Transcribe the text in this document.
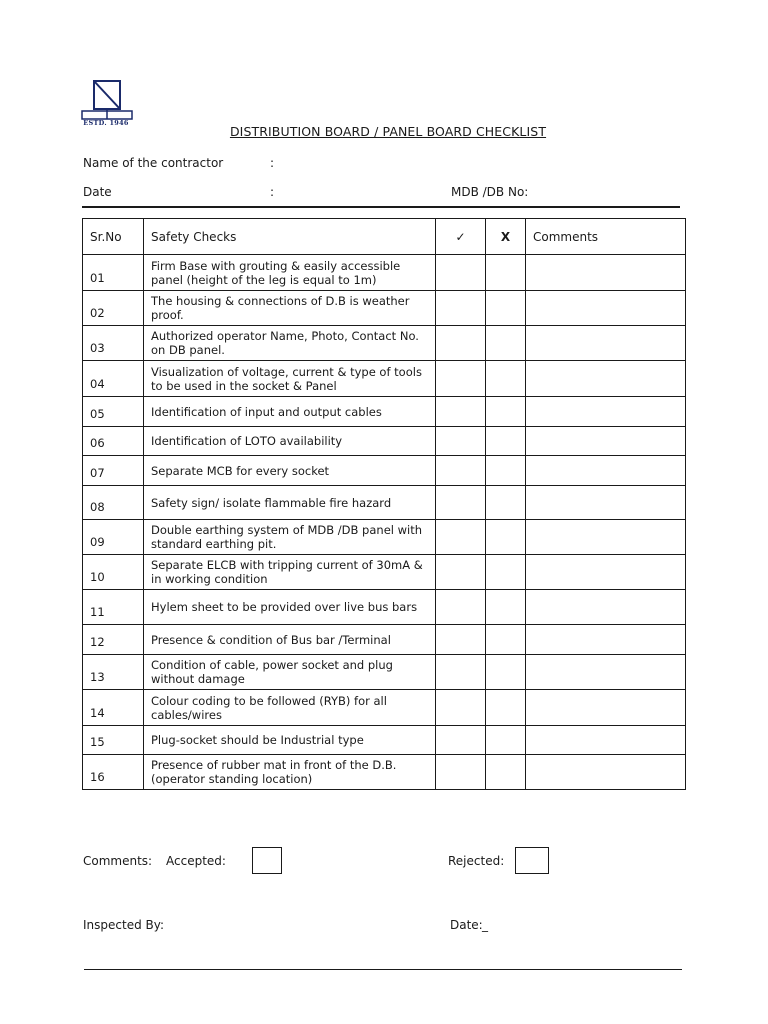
ESTD. 1946
DISTRIBUTION BOARD / PANEL BOARD CHECKLIST
Name of the contractor	:
Date	:	MDB /DB No:
Sr.No	Safety Checks	✓	X	Comments
01	Firm Base with grouting & easily accessible panel (height of the leg is equal to 1m)			
02	The housing & connections of D.B is weather proof.			
03	Authorized operator Name, Photo, Contact No. on DB panel.			
04	Visualization of voltage, current & type of tools to be used in the socket & Panel			
05	Identification of input and output cables			
06	Identification of LOTO availability			
07	Separate MCB for every socket			
08	Safety sign/ isolate flammable fire hazard			
09	Double earthing system of MDB /DB panel with standard earthing pit.			
10	Separate ELCB with tripping current of 30mA & in working condition			
11	Hylem sheet to be provided over live bus bars			
12	Presence & condition of Bus bar /Terminal			
13	Condition of cable, power socket and plug without damage			
14	Colour coding to be followed (RYB) for all cables/wires			
15	Plug-socket should be Industrial type			
16	Presence of rubber mat in front of the D.B. (operator standing location)			
Comments: Accepted:	Rejected:
Inspected By:	Date: _
